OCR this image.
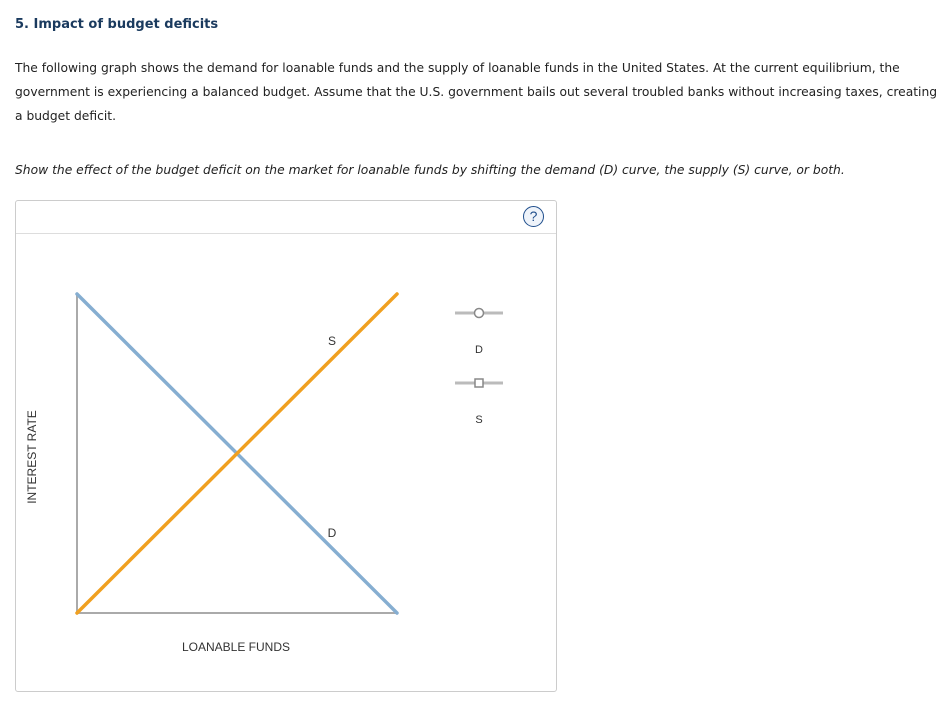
5. Impact of budget deficits

The following graph shows the demand for loanable funds and the supply of loanable funds in the United States. At the current equilibrium, the government is experiencing a balanced budget. Assume that the U.S. government bails out several troubled banks without increasing taxes, creating a budget deficit.

Show the effect of the budget deficit on the market for loanable funds by shifting the demand (D) curve, the supply (S) curve, or both.

?
S
D
LOANABLE FUNDS
INTEREST RATE
D
S
